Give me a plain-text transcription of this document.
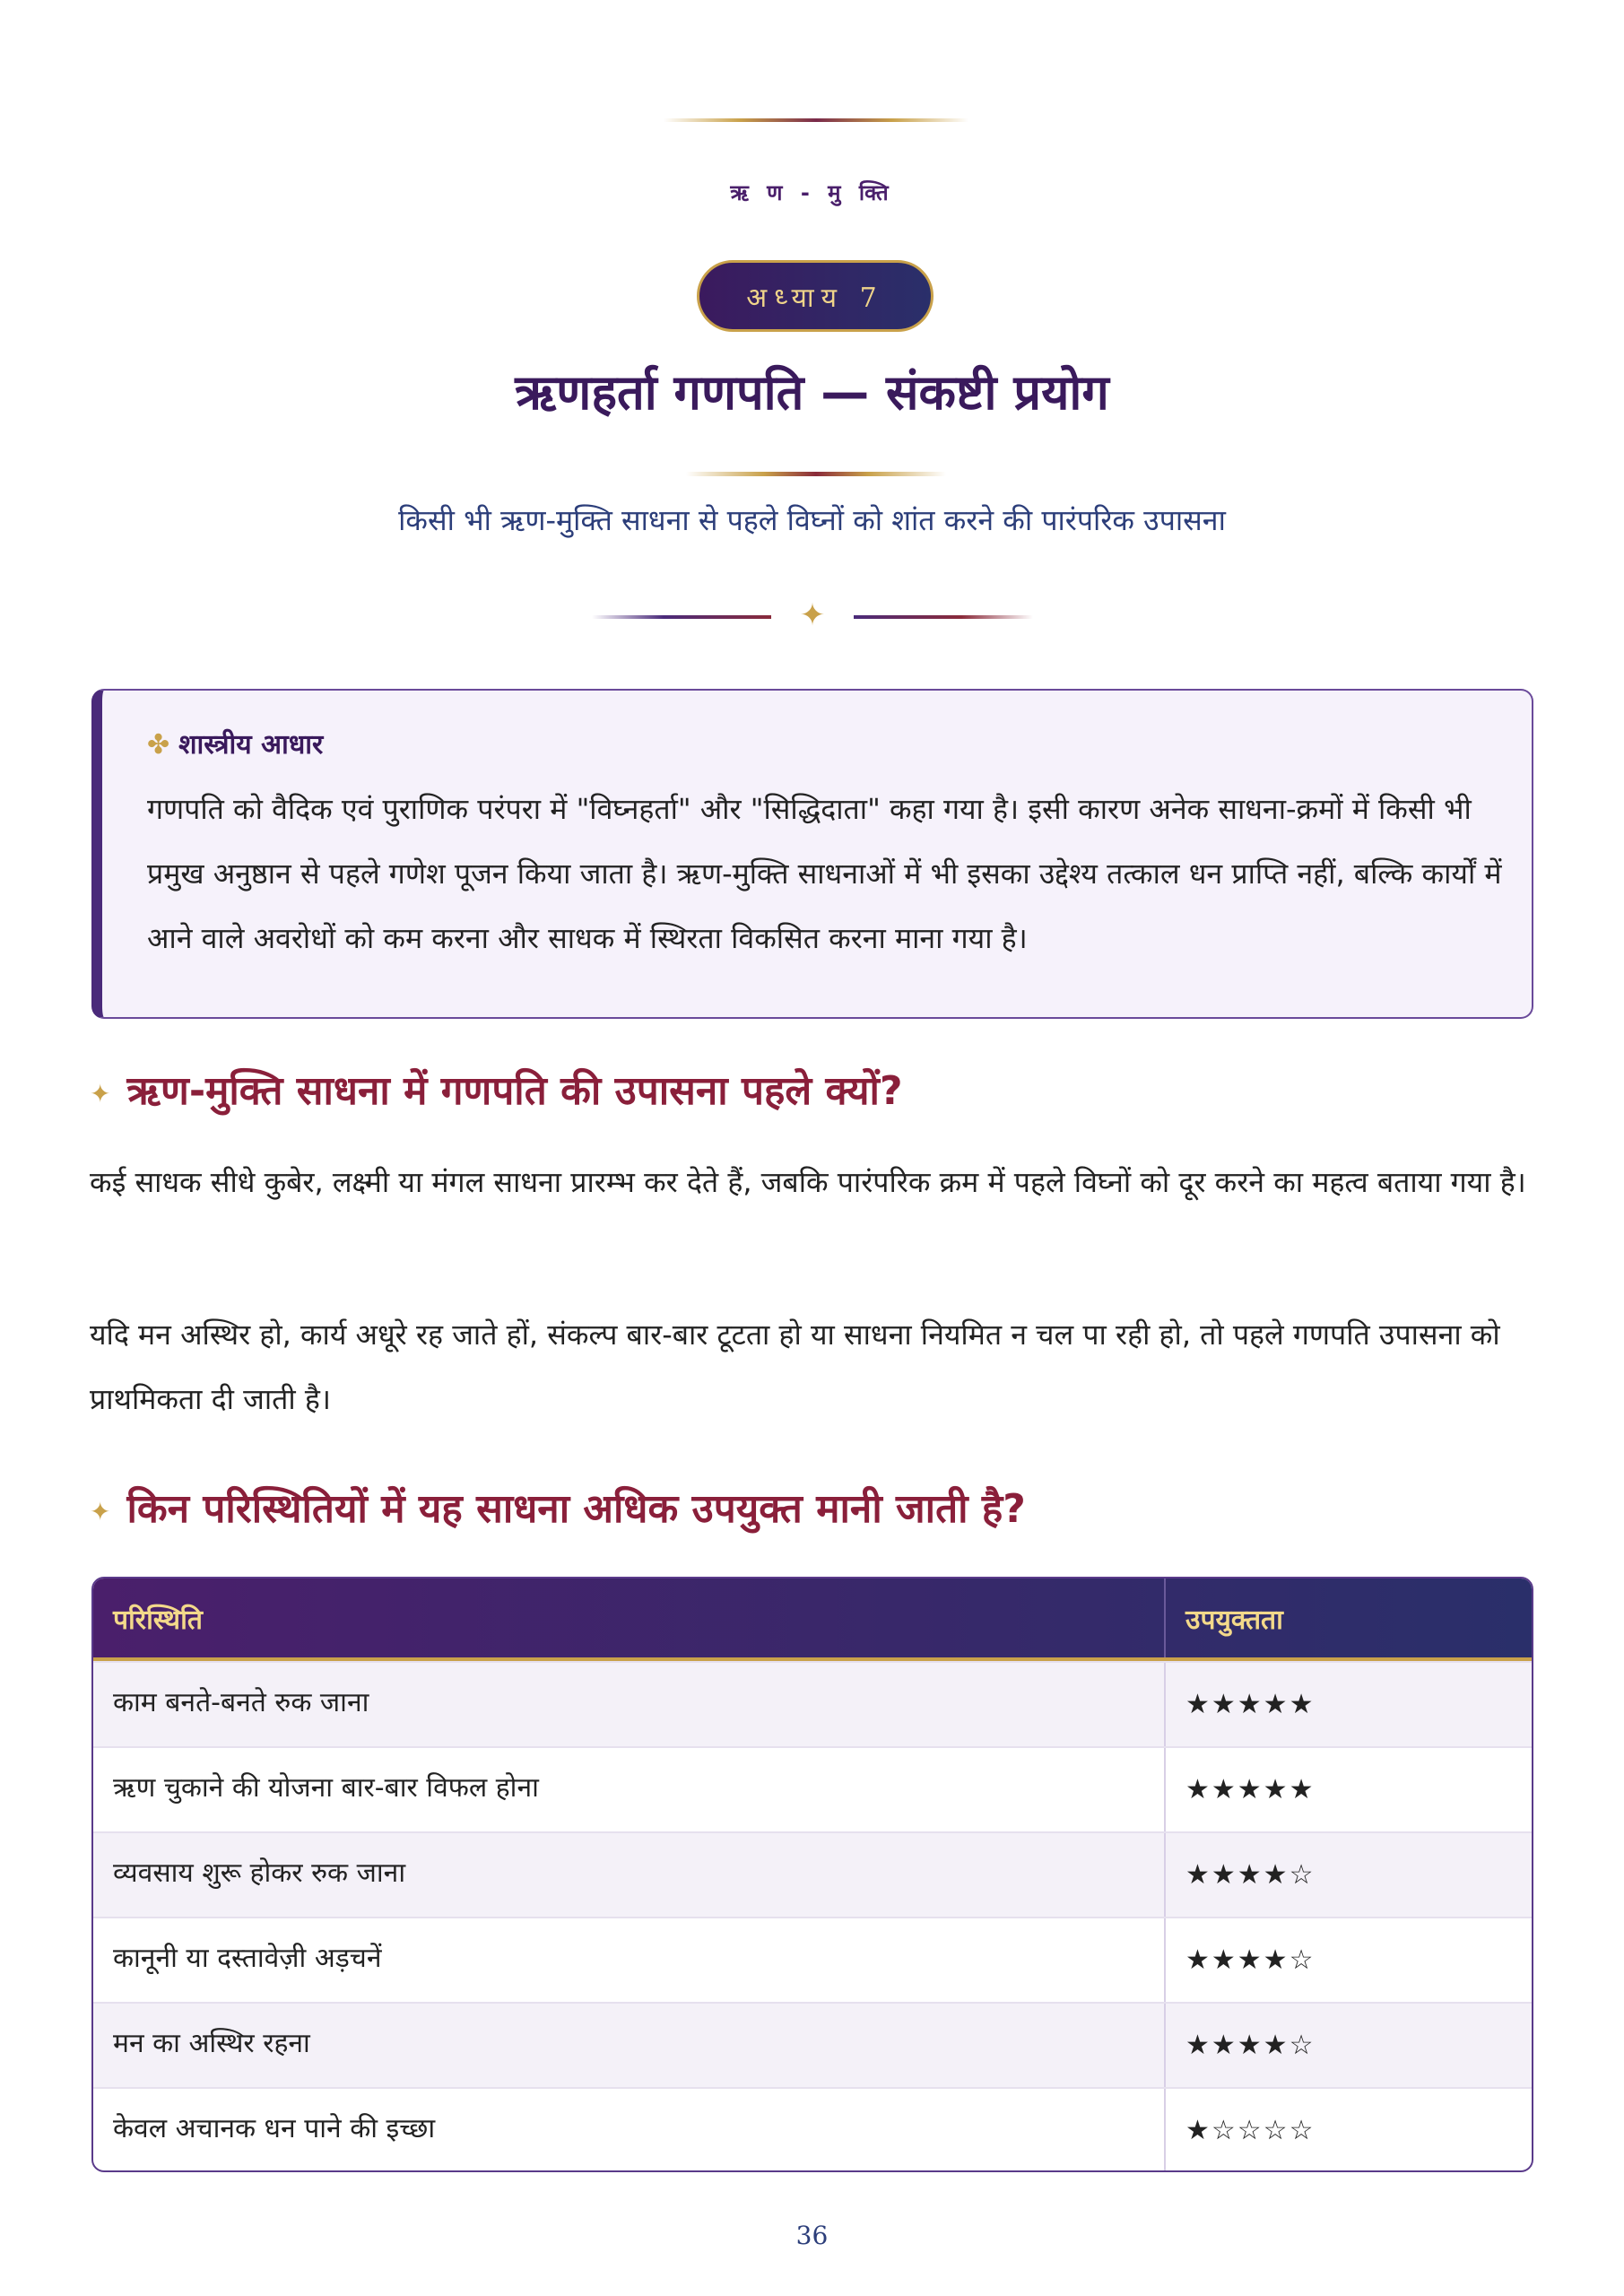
ऋ ण - मु क्ति
अध्याय 7
ऋणहर्ता गणपति — संकष्टी प्रयोग
किसी भी ऋण-मुक्ति साधना से पहले विघ्नों को शांत करने की पारंपरिक उपासना
✦
✤ शास्त्रीय आधार

गणपति को वैदिक एवं पुराणिक परंपरा में "विघ्नहर्ता" और "सिद्धिदाता" कहा गया है। इसी कारण अनेक साधना-क्रमों में किसी भी प्रमुख अनुष्ठान से पहले गणेश पूजन किया जाता है। ऋण-मुक्ति साधनाओं में भी इसका उद्देश्य तत्काल धन प्राप्ति नहीं, बल्कि कार्यों में आने वाले अवरोधों को कम करना और साधक में स्थिरता विकसित करना माना गया है।

✦ ऋण-मुक्ति साधना में गणपति की उपासना पहले क्यों?

कई साधक सीधे कुबेर, लक्ष्मी या मंगल साधना प्रारम्भ कर देते हैं, जबकि पारंपरिक क्रम में पहले विघ्नों को दूर करने का महत्व बताया गया है।

यदि मन अस्थिर हो, कार्य अधूरे रह जाते हों, संकल्प बार-बार टूटता हो या साधना नियमित न चल पा रही हो, तो पहले गणपति उपासना को प्राथमिकता दी जाती है।

✦ किन परिस्थितियों में यह साधना अधिक उपयुक्त मानी जाती है?
परिस्थिति	उपयुक्तता
काम बनते-बनते रुक जाना	★★★★★
ऋण चुकाने की योजना बार-बार विफल होना	★★★★★
व्यवसाय शुरू होकर रुक जाना	★★★★☆
कानूनी या दस्तावेज़ी अड़चनें	★★★★☆
मन का अस्थिर रहना	★★★★☆
केवल अचानक धन पाने की इच्छा	★☆☆☆☆
36
